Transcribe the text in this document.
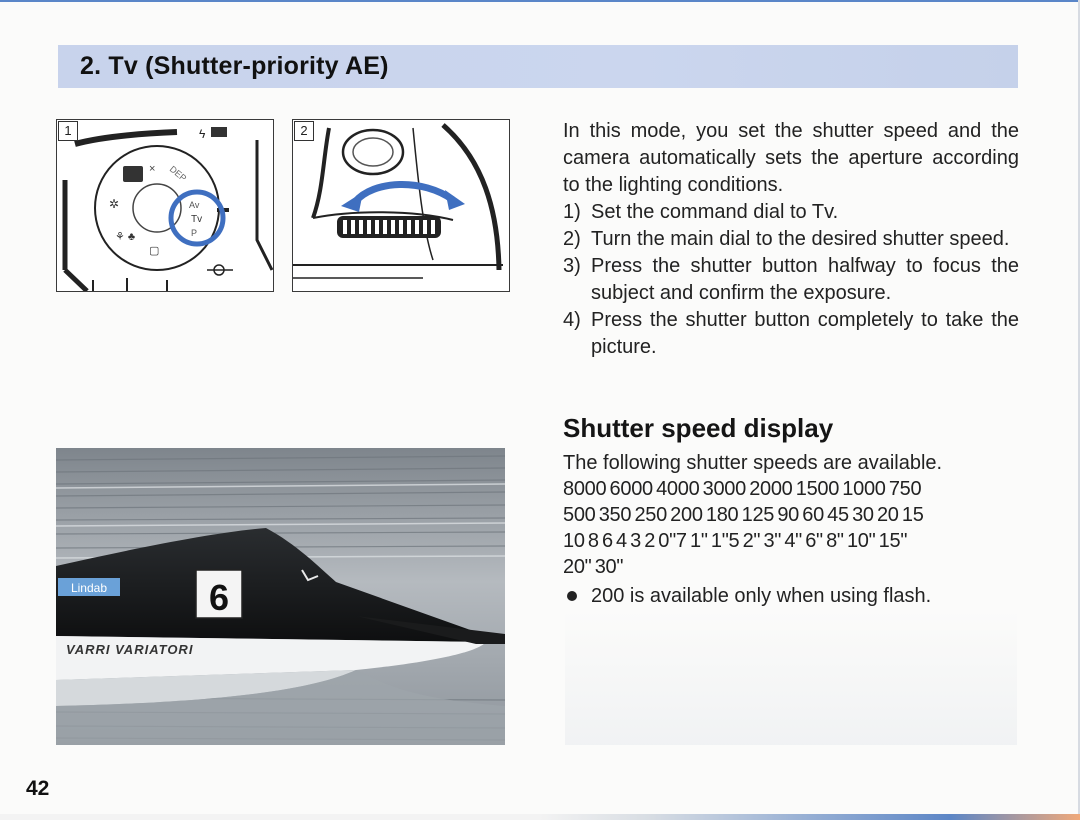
2. Tv (Shutter-priority AE)
× DEP
✲
⚘ ♣
▢
ϟ
Av
Tv
P
1	2	In this mode, you set the shutter speed and the camera automatically sets the aperture according to the lighting conditions.

1) Set the command dial to Tv.
2) Turn the main dial to the desired shutter speed.
3) Press the shutter button halfway to focus the subject and confirm the exposure.
4) Press the shutter button completely to take the picture.
Shutter speed display

The following shutter speeds are available.

8000 6000 4000 3000 2000 1500 1000 750

500 350 250 200 180 125 90 60 45 30 20 15

10 8 6 4 3 2 0"7 1" 1"5 2" 3" 4" 6" 8" 10" 15"

20" 30"

200 is available only when using flash.

6
Lindab
VARRI VARIATORI
42
